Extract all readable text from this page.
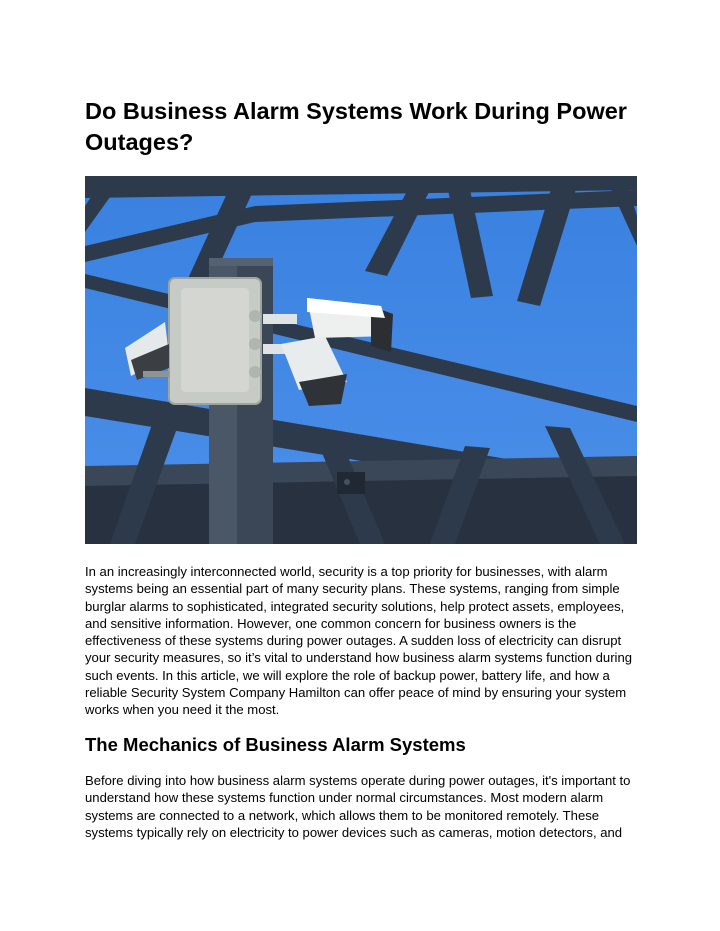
Do Business Alarm Systems Work During Power Outages?

In an increasingly interconnected world, security is a top priority for businesses, with alarm systems being an essential part of many security plans. These systems, ranging from simple burglar alarms to sophisticated, integrated security solutions, help protect assets, employees, and sensitive information. However, one common concern for business owners is the effectiveness of these systems during power outages. A sudden loss of electricity can disrupt your security measures, so it’s vital to understand how business alarm systems function during such events. In this article, we will explore the role of backup power, battery life, and how a reliable Security System Company Hamilton can offer peace of mind by ensuring your system works when you need it the most.

The Mechanics of Business Alarm Systems

Before diving into how business alarm systems operate during power outages, it's important to understand how these systems function under normal circumstances. Most modern alarm systems are connected to a network, which allows them to be monitored remotely. These systems typically rely on electricity to power devices such as cameras, motion detectors, and
